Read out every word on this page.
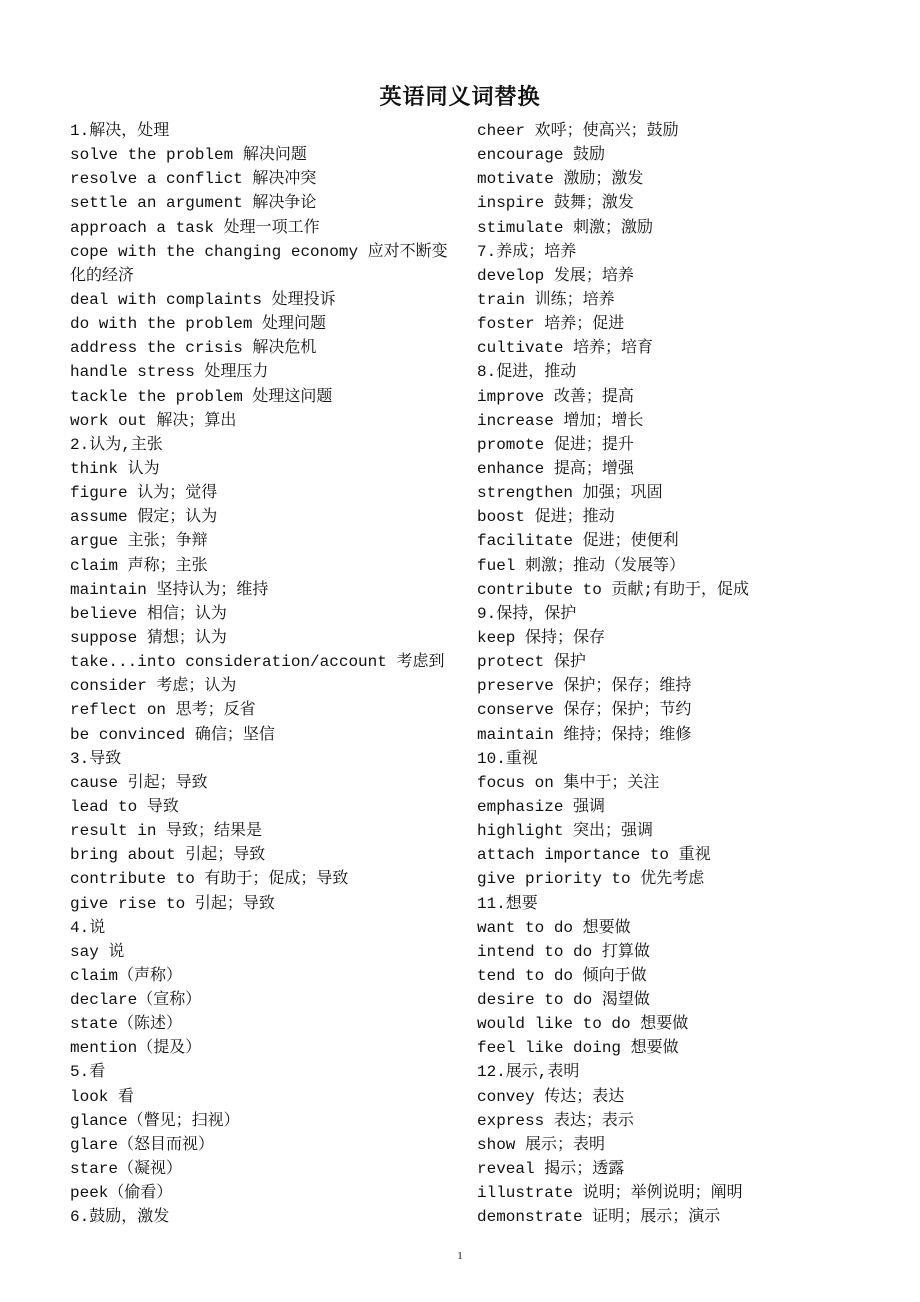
英语同义词替换
1.解决，处理
solve the problem 解决问题
resolve a conflict 解决冲突
settle an argument 解决争论
approach a task 处理一项工作
cope with the changing economy 应对不断变
化的经济
deal with complaints 处理投诉
do with the problem 处理问题
address the crisis 解决危机
handle stress 处理压力
tackle the problem 处理这问题
work out 解决；算出
2.认为,主张
think 认为
figure 认为；觉得
assume 假定；认为
argue 主张；争辩
claim 声称；主张
maintain 坚持认为；维持
believe 相信；认为
suppose 猜想；认为
take...into consideration/account 考虑到
consider 考虑；认为
reflect on 思考；反省
be convinced 确信；坚信
3.导致
cause 引起；导致
lead to 导致
result in 导致；结果是
bring about 引起；导致
contribute to 有助于；促成；导致
give rise to 引起；导致
4.说
say 说
claim（声称）
declare（宣称）
state（陈述）
mention（提及）
5.看
look 看
glance（瞥见；扫视）
glare（怒目而视）
stare（凝视）
peek（偷看）
6.鼓励，激发
cheer 欢呼；使高兴；鼓励
encourage 鼓励
motivate 激励；激发
inspire 鼓舞；激发
stimulate 刺激；激励
7.养成；培养
develop 发展；培养
train 训练；培养
foster 培养；促进
cultivate 培养；培育
8.促进，推动
improve 改善；提高
increase 增加；增长
promote 促进；提升
enhance 提高；增强
strengthen 加强；巩固
boost 促进；推动
facilitate 促进；使便利
fuel 刺激；推动（发展等）
contribute to 贡献;有助于，促成
9.保持，保护
keep 保持；保存
protect 保护
preserve 保护；保存；维持
conserve 保存；保护；节约
maintain 维持；保持；维修
10.重视
focus on 集中于；关注
emphasize 强调
highlight 突出；强调
attach importance to 重视
give priority to 优先考虑
11.想要
want to do 想要做
intend to do 打算做
tend to do 倾向于做
desire to do 渴望做
would like to do 想要做
feel like doing 想要做
12.展示,表明
convey 传达；表达
express 表达；表示
show 展示；表明
reveal 揭示；透露
illustrate 说明；举例说明；阐明
demonstrate 证明；展示；演示
1
